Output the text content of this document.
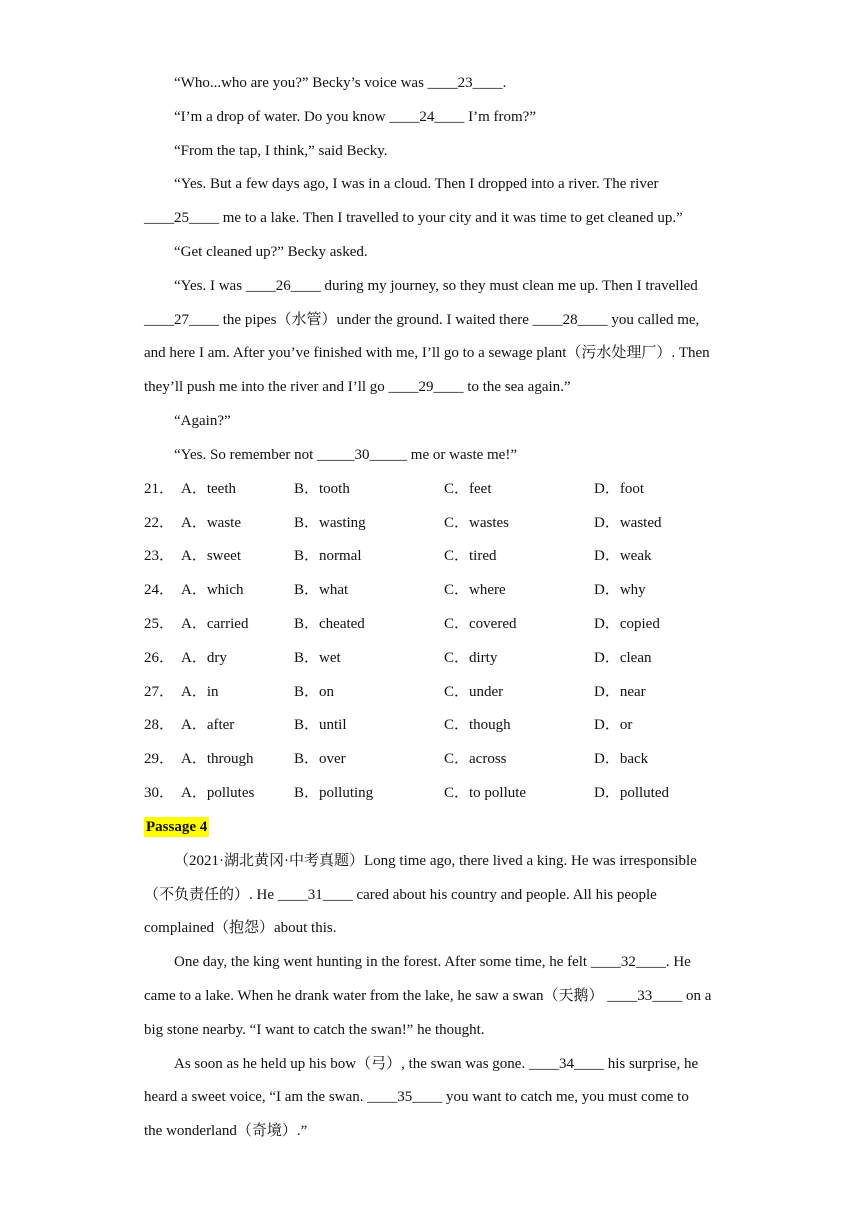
“Who...who are you?” Becky’s voice was ____23____.
“I’m a drop of water. Do you know ____24____ I’m from?”
“From the tap, I think,” said Becky.
“Yes. But a few days ago, I was in a cloud. Then I dropped into a river. The river
____25____ me to a lake. Then I travelled to your city and it was time to get cleaned up.”
“Get cleaned up?” Becky asked.
“Yes. I was ____26____ during my journey, so they must clean me up. Then I travelled
____27____ the pipes（水管）under the ground. I waited there ____28____ you called me,
and here I am. After you’ve finished with me, I’ll go to a sewage plant（污水处理厂）. Then
they’ll push me into the river and I’ll go ____29____ to the sea again.”
“Again?”
“Yes. So remember not _____30_____ me or waste me!”
21． A．teeth	B．tooth	C．feet	D．foot
22． A．waste	B．wasting	C．wastes	D．wasted
23． A．sweet	B．normal	C．tired	D．weak
24． A．which	B．what	C．where	D．why
25． A．carried	B．cheated	C．covered	D．copied
26． A．dry	B．wet	C．dirty	D．clean
27． A．in	B．on	C．under	D．near
28． A．after	B．until	C．though	D．or
29． A．through	B．over	C．across	D．back
30． A．pollutes	B．polluting	C．to pollute	D．polluted
Passage 4
（2021·湖北黄冈·中考真题）Long time ago, there lived a king. He was irresponsible
（不负责任的）. He ____31____ cared about his country and people. All his people
complained（抱怨）about this.
One day, the king went hunting in the forest. After some time, he felt ____32____. He
came to a lake. When he drank water from the lake, he saw a swan（天鹅） ____33____ on a
big stone nearby. “I want to catch the swan!” he thought.
As soon as he held up his bow（弓）, the swan was gone. ____34____ his surprise, he
heard a sweet voice, “I am the swan. ____35____ you want to catch me, you must come to
the wonderland（奇境）.”
